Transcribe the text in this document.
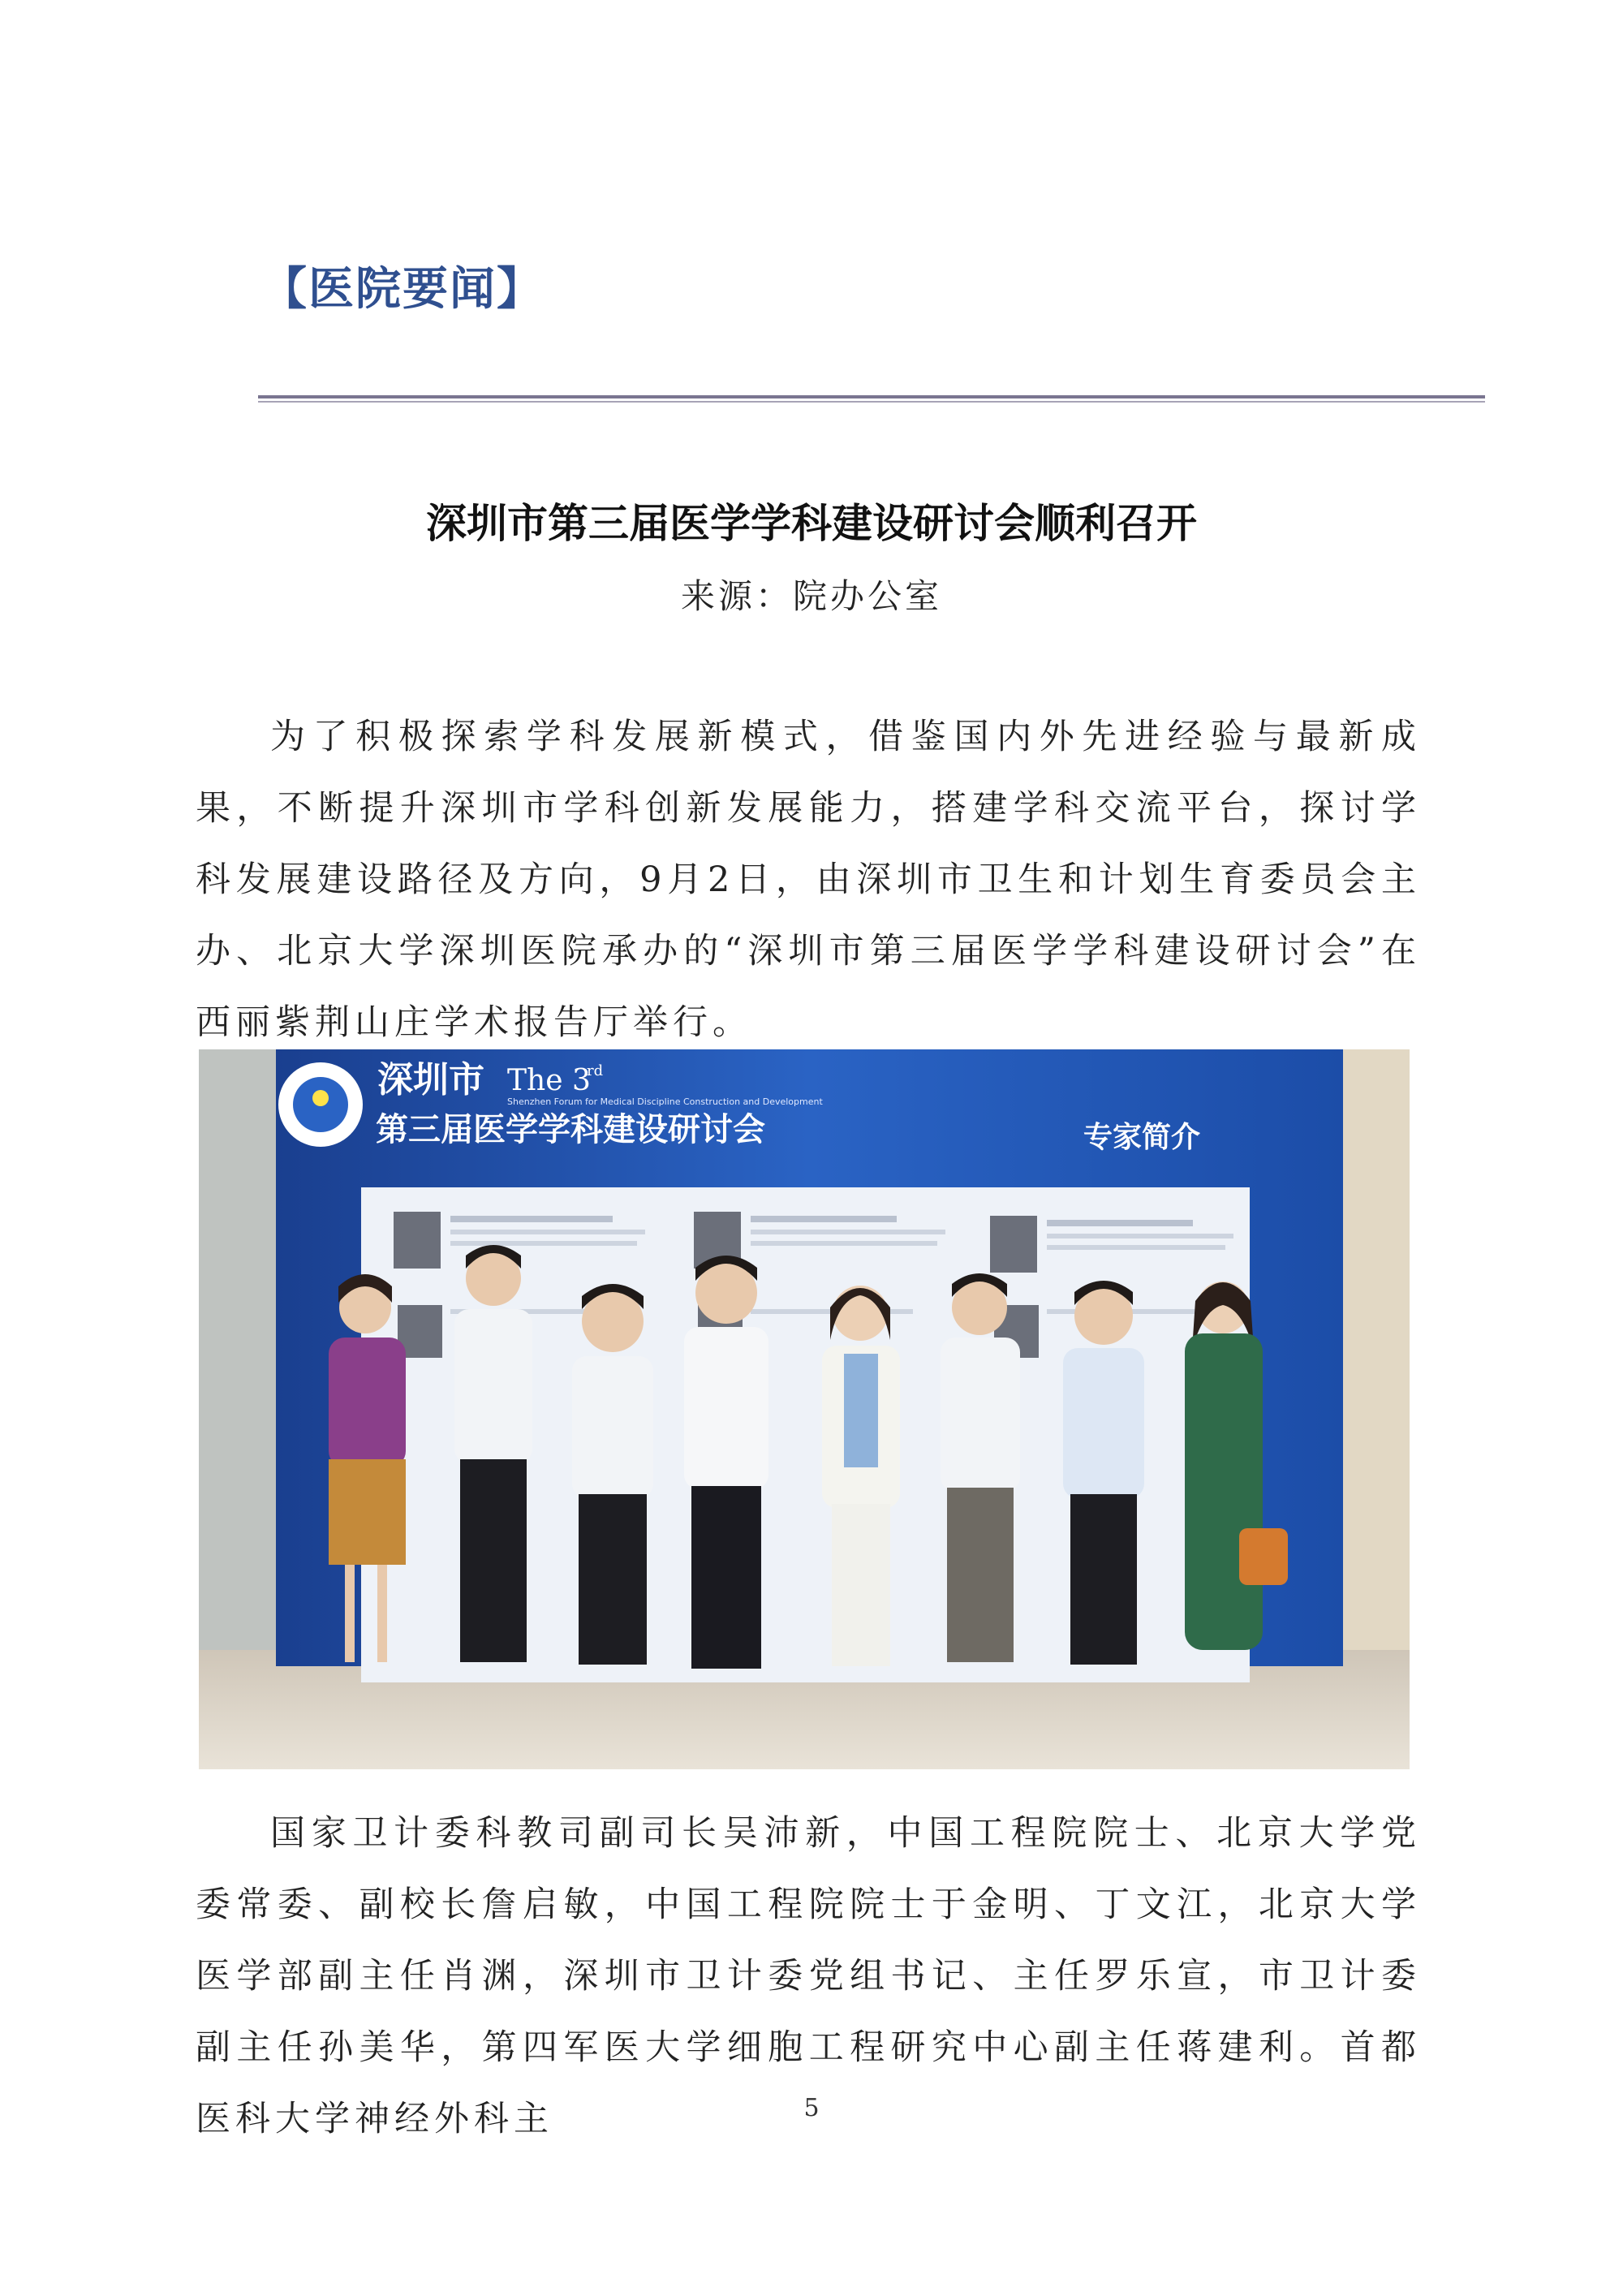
【医院要闻】
深圳市第三届医学学科建设研讨会顺利召开
来源：院办公室

为了积极探索学科发展新模式，借鉴国内外先进经验与最新成果，不断提升深圳市学科创新发展能力，搭建学科交流平台，探讨学科发展建设路径及方向，9月2日，由深圳市卫生和计划生育委员会主办、北京大学深圳医院承办的“深圳市第三届医学学科建设研讨会”在西丽紫荆山庄学术报告厅举行。

深圳市 The 3
rd
Shenzhen Forum for Medical Discipline Construction and Development
第三届医学学科建设研讨会	专家简介

国家卫计委科教司副司长吴沛新，中国工程院院士、北京大学党委常委、副校长詹启敏，中国工程院院士于金明、丁文江，北京大学医学部副主任肖渊，深圳市卫计委党组书记、主任罗乐宣，市卫计委副主任孙美华，第四军医大学细胞工程研究中心副主任蒋建利。首都医科大学神经外科主	5
